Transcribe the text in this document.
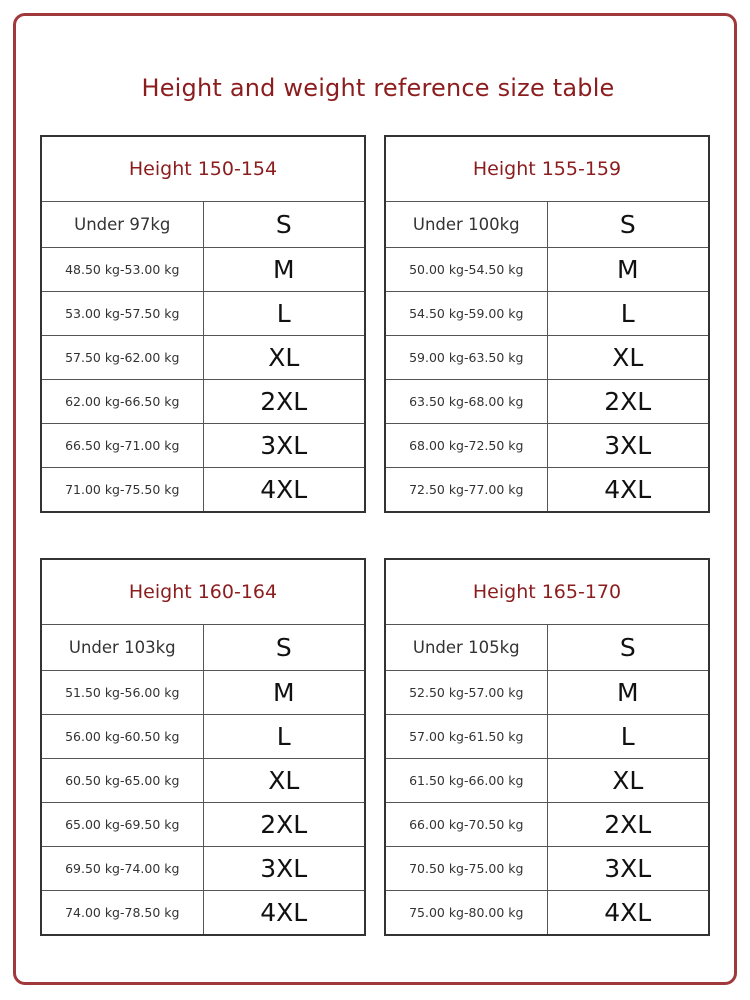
Height and weight reference size table
Height 150-154	
Under 97kg	S
48.50 kg-53.00 kg	M
53.00 kg-57.50 kg	L
57.50 kg-62.00 kg	XL
62.00 kg-66.50 kg	2XL
66.50 kg-71.00 kg	3XL
71.00 kg-75.50 kg	4XL
Height 155-159	
Under 100kg	S
50.00 kg-54.50 kg	M
54.50 kg-59.00 kg	L
59.00 kg-63.50 kg	XL
63.50 kg-68.00 kg	2XL
68.00 kg-72.50 kg	3XL
72.50 kg-77.00 kg	4XL
Height 160-164	
Under 103kg	S
51.50 kg-56.00 kg	M
56.00 kg-60.50 kg	L
60.50 kg-65.00 kg	XL
65.00 kg-69.50 kg	2XL
69.50 kg-74.00 kg	3XL
74.00 kg-78.50 kg	4XL
Height 165-170	
Under 105kg	S
52.50 kg-57.00 kg	M
57.00 kg-61.50 kg	L
61.50 kg-66.00 kg	XL
66.00 kg-70.50 kg	2XL
70.50 kg-75.00 kg	3XL
75.00 kg-80.00 kg	4XL
